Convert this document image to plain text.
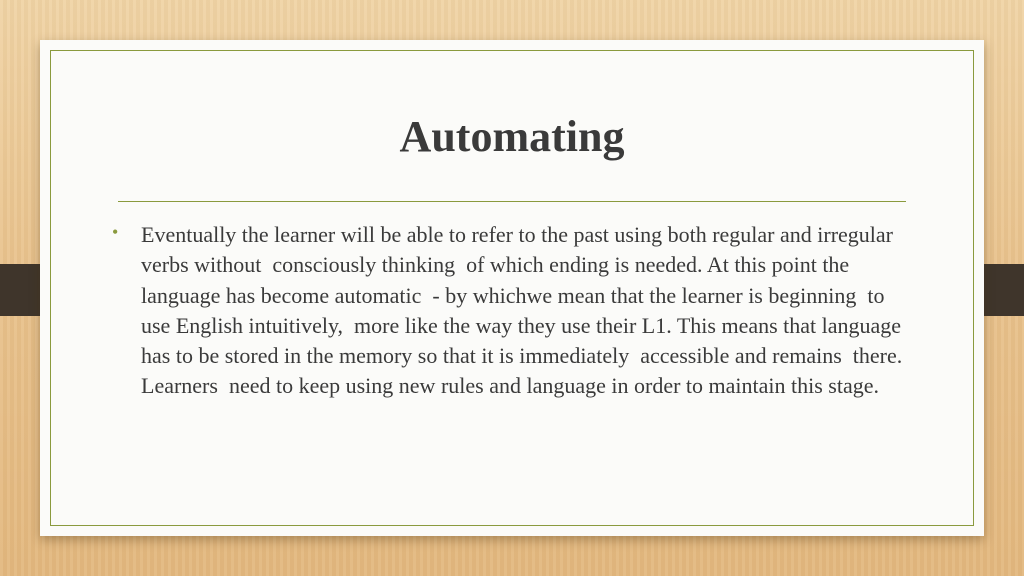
Automating
• Eventually the learner will be able to refer to the past using both regular and irregular verbs without  consciously thinking  of which ending is needed. At this point the language has become automatic  - by whichwe mean that the learner is beginning  to use English intuitively,  more like the way they use their L1. This means that language has to be stored in the memory so that it is immediately  accessible and remains  there.  Learners  need to keep using new rules and language in order to maintain this stage.
